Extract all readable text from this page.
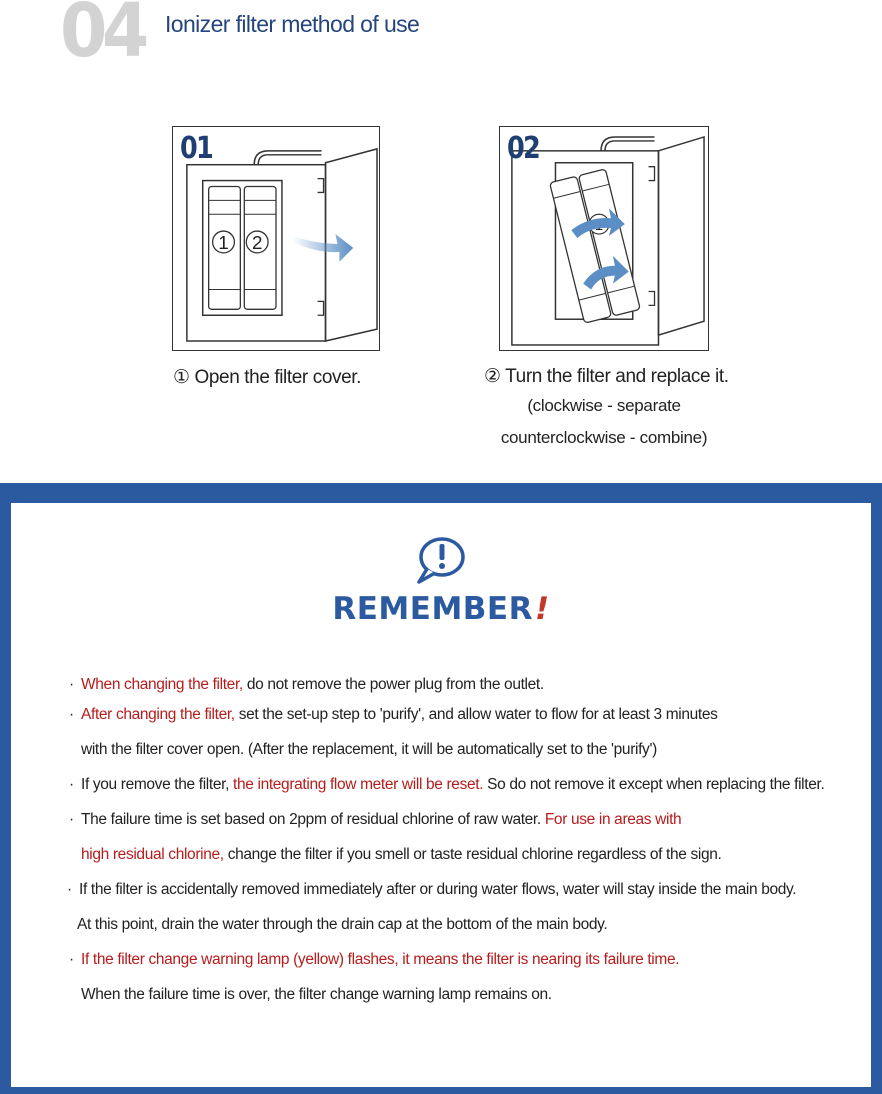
04 Ionizer filter method of use
1 2
01	02
① Open the filter cover.	② Turn the filter and replace it.
(clockwise - separate
counterclockwise - combine)
REMEMBER!
· When changing the filter, do not remove the power plug from the outlet.
· After changing the filter, set the set-up step to 'purify', and allow water to flow for at least 3 minutes
with the filter cover open. (After the replacement, it will be automatically set to the 'purify')
· If you remove the filter, the integrating flow meter will be reset. So do not remove it except when replacing the filter.
· The failure time is set based on 2ppm of residual chlorine of raw water. For use in areas with
high residual chlorine, change the filter if you smell or taste residual chlorine regardless of the sign.
· If the filter is accidentally removed immediately after or during water flows, water will stay inside the main body.
At this point, drain the water through the drain cap at the bottom of the main body.
· If the filter change warning lamp (yellow) flashes, it means the filter is nearing its failure time.
When the failure time is over, the filter change warning lamp remains on.
